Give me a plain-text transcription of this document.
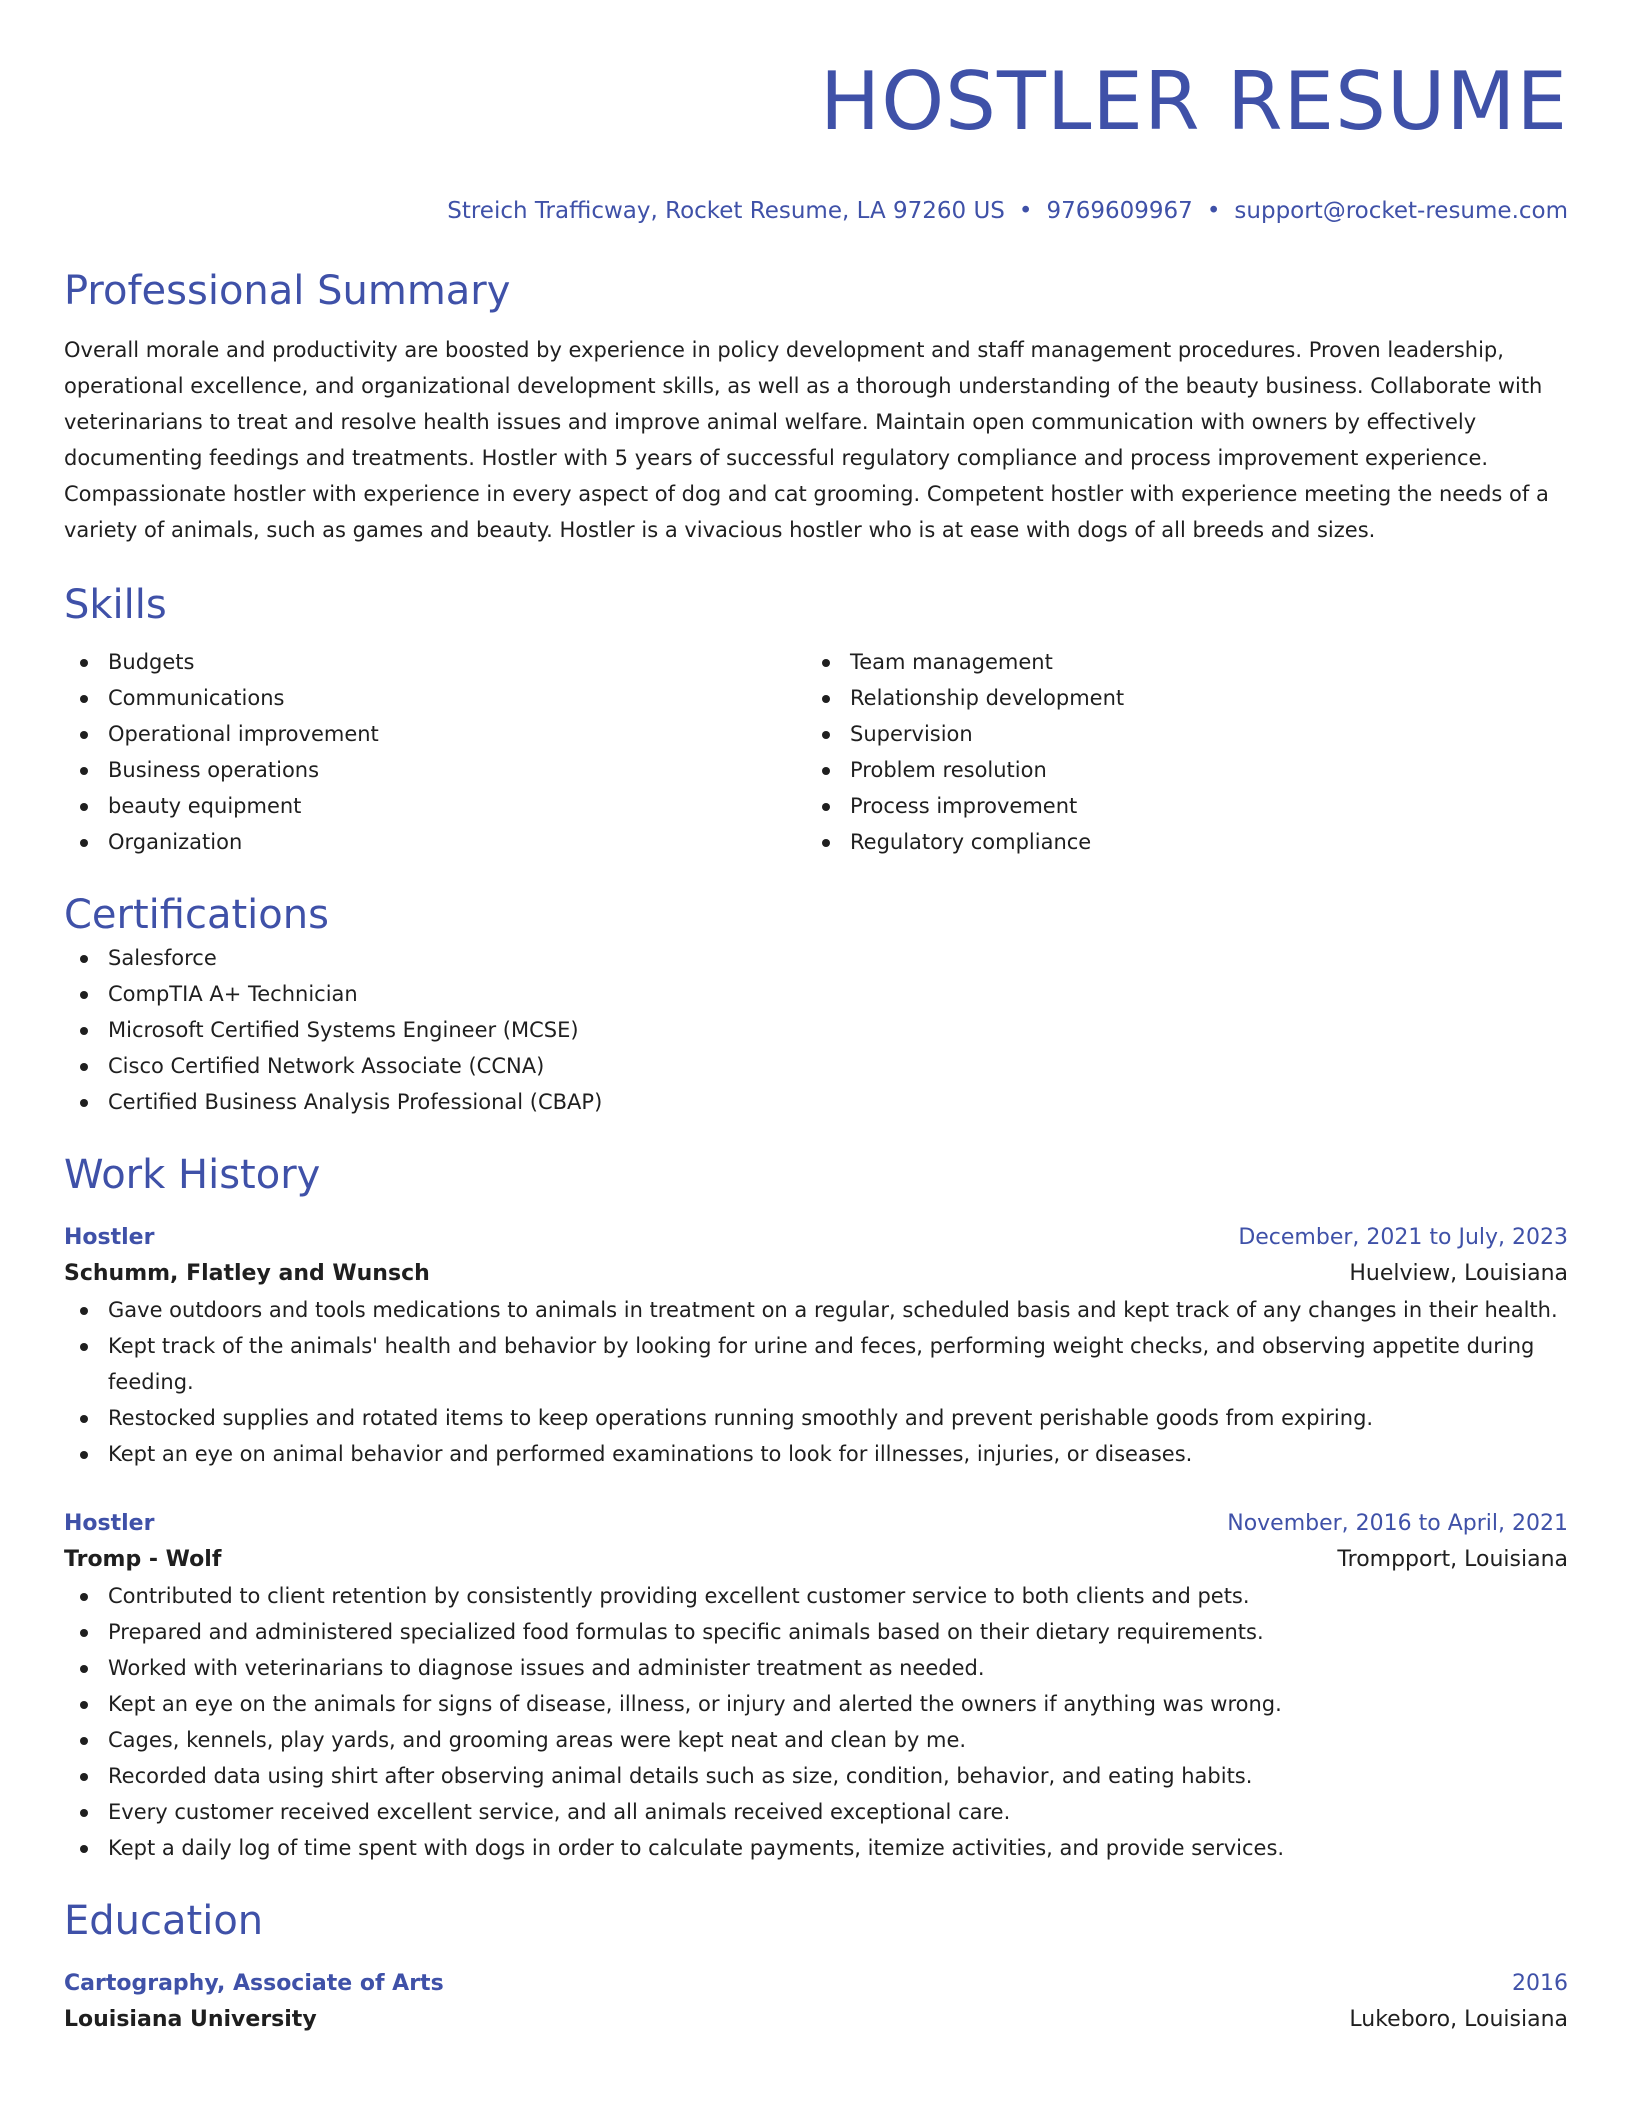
HOSTLER RESUME
Streich Trafficway, Rocket Resume, LA 97260 US • 9769609967 • support@rocket-resume.com
Professional Summary

Overall morale and productivity are boosted by experience in policy development and staff management procedures. Proven leadership, operational excellence, and organizational development skills, as well as a thorough understanding of the beauty business. Collaborate with veterinarians to treat and resolve health issues and improve animal welfare. Maintain open communication with owners by effectively documenting feedings and treatments. Hostler with 5 years of successful regulatory compliance and process improvement experience. Compassionate hostler with experience in every aspect of dog and cat grooming. Competent hostler with experience meeting the needs of a variety of animals, such as games and beauty. Hostler is a vivacious hostler who is at ease with dogs of all breeds and sizes.

Skills
Budgets
Communications
Operational improvement
Business operations
beauty equipment
Organization
Team management
Relationship development
Supervision
Problem resolution
Process improvement
Regulatory compliance
Certifications
Salesforce
CompTIA A+ Technician
Microsoft Certified Systems Engineer (MCSE)
Cisco Certified Network Associate (CCNA)
Certified Business Analysis Professional (CBAP)
Work History
Hostler	December, 2021 to July, 2023
Schumm, Flatley and Wunsch	Huelview, Louisiana
Gave outdoors and tools medications to animals in treatment on a regular, scheduled basis and kept track of any changes in their health.
Kept track of the animals' health and behavior by looking for urine and feces, performing weight checks, and observing appetite during feeding.
Restocked supplies and rotated items to keep operations running smoothly and prevent perishable goods from expiring.
Kept an eye on animal behavior and performed examinations to look for illnesses, injuries, or diseases.
Hostler	November, 2016 to April, 2021
Tromp - Wolf	Trompport, Louisiana
Contributed to client retention by consistently providing excellent customer service to both clients and pets.
Prepared and administered specialized food formulas to specific animals based on their dietary requirements.
Worked with veterinarians to diagnose issues and administer treatment as needed.
Kept an eye on the animals for signs of disease, illness, or injury and alerted the owners if anything was wrong.
Cages, kennels, play yards, and grooming areas were kept neat and clean by me.
Recorded data using shirt after observing animal details such as size, condition, behavior, and eating habits.
Every customer received excellent service, and all animals received exceptional care.
Kept a daily log of time spent with dogs in order to calculate payments, itemize activities, and provide services.
Education
Cartography, Associate of Arts	2016
Louisiana University	Lukeboro, Louisiana
